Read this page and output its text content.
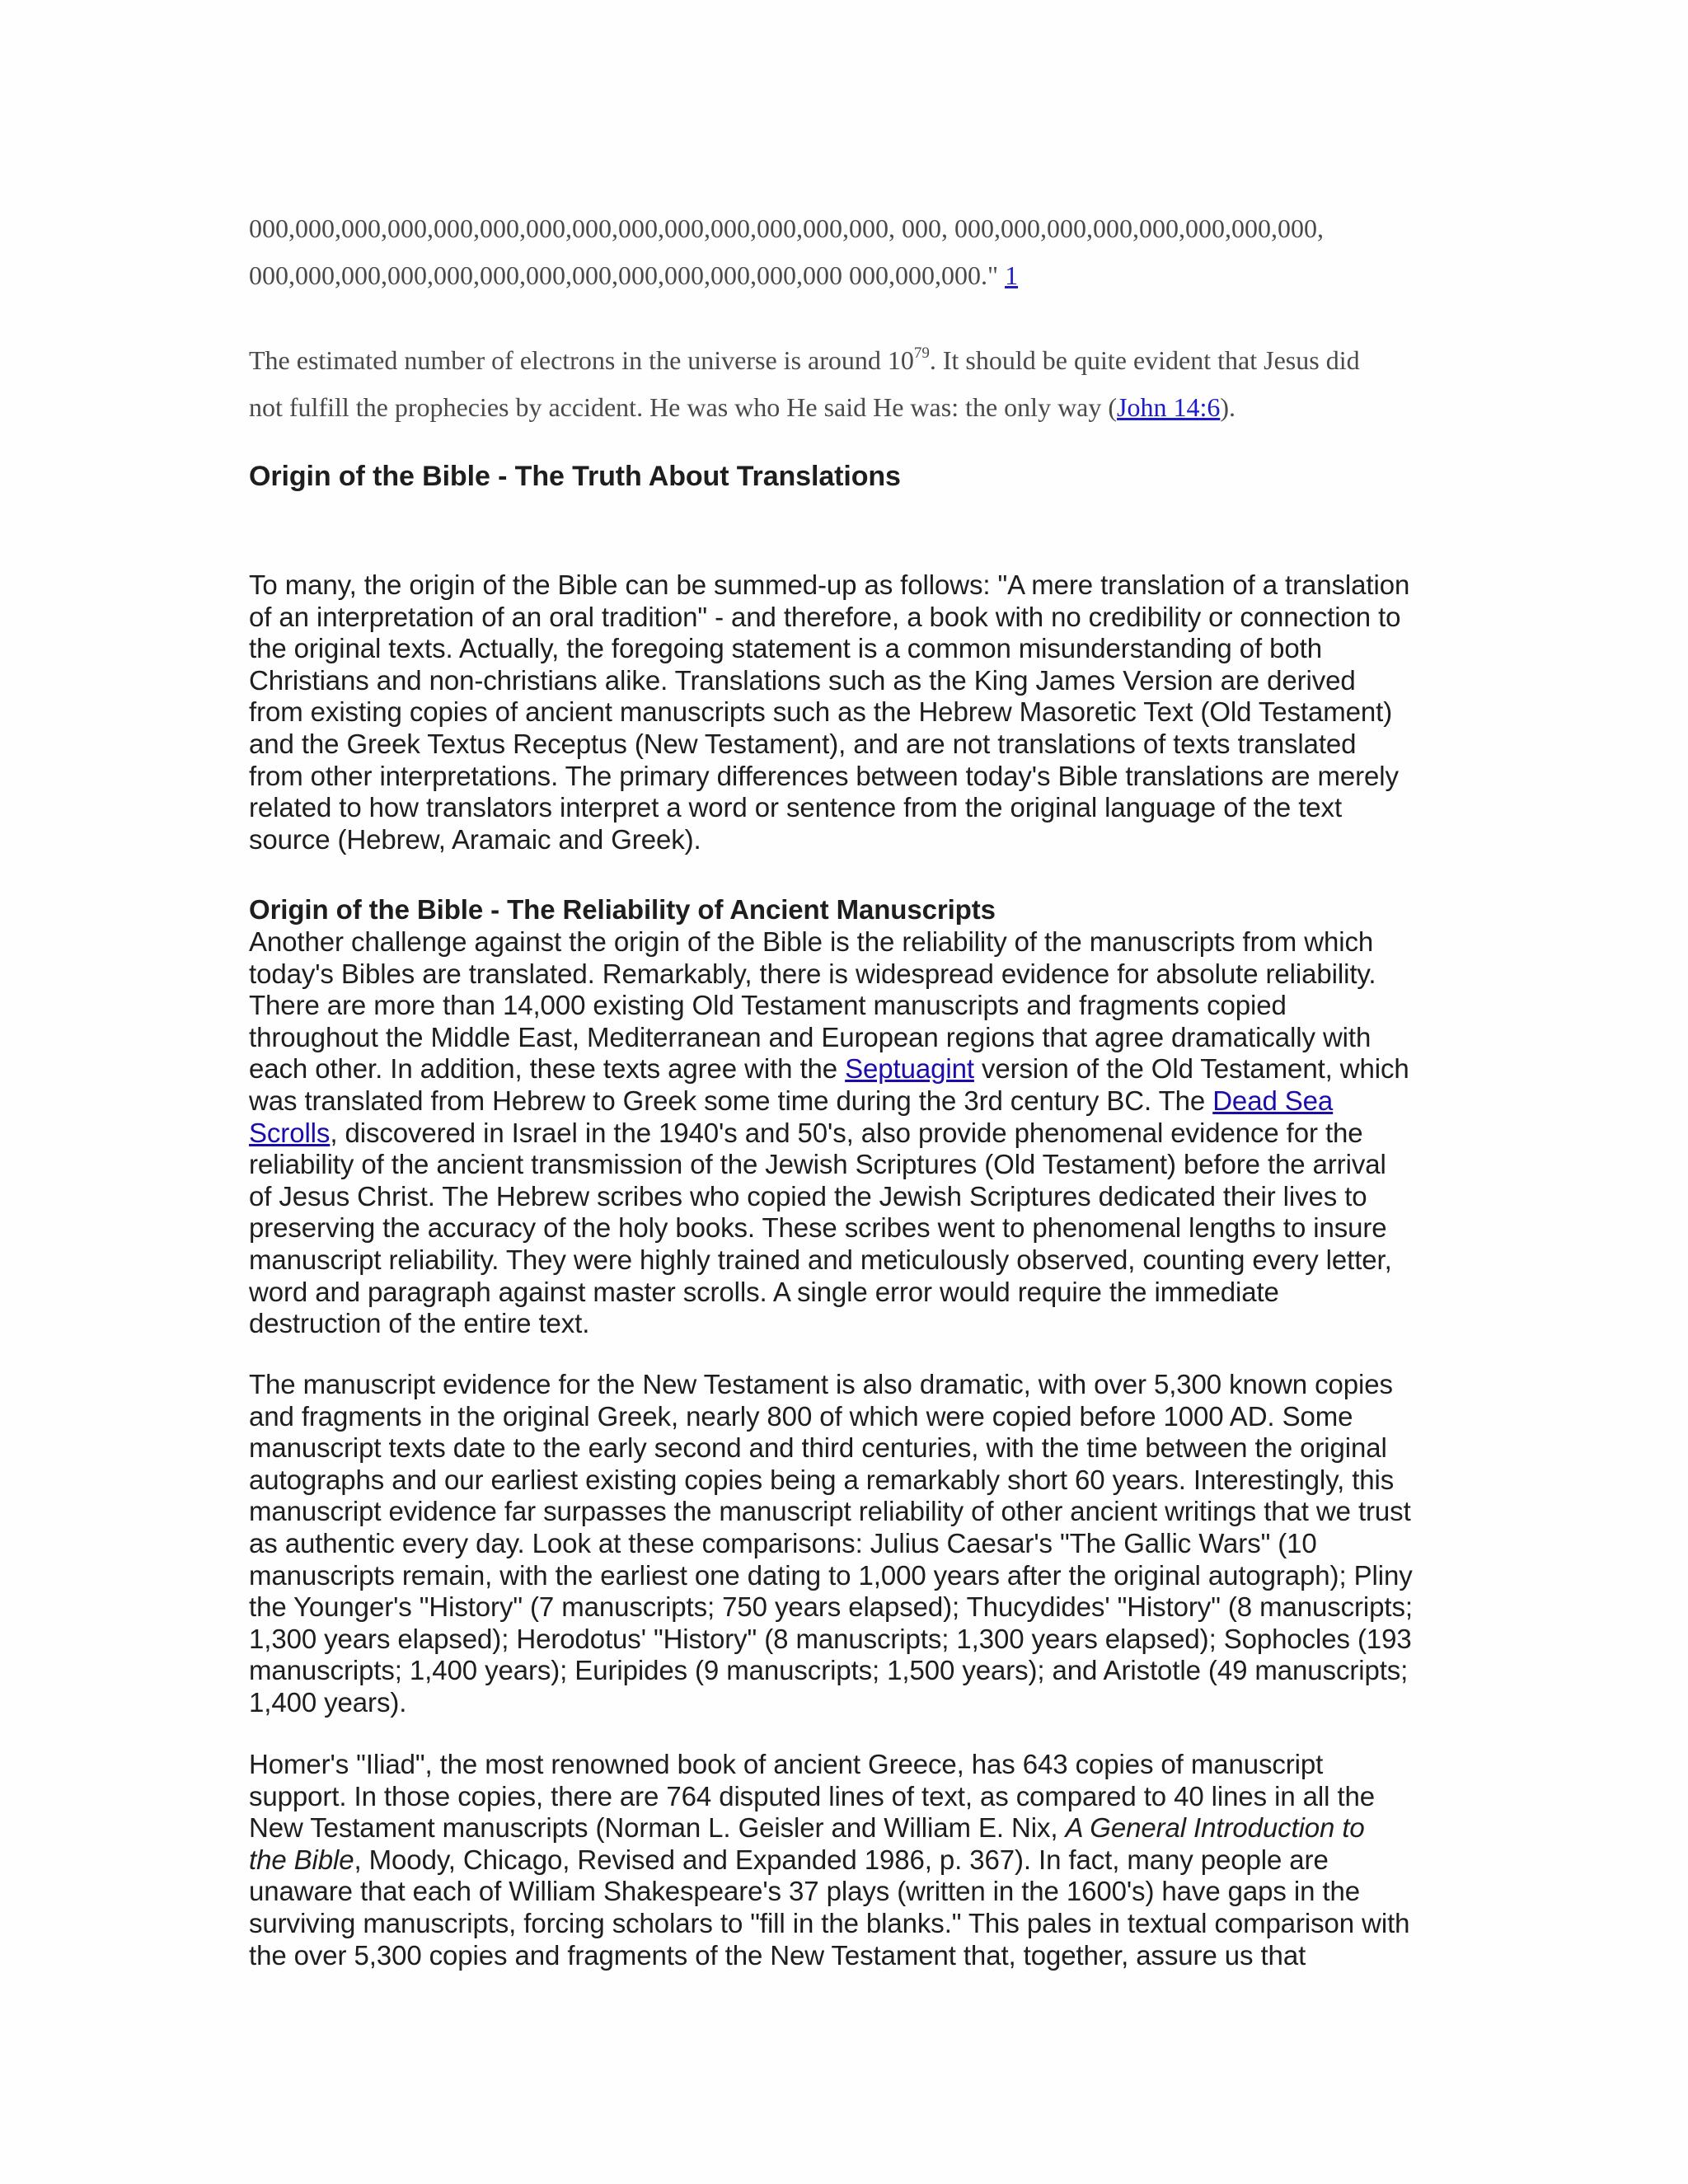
000,000,000,000,000,000,000,000,000,000,000,000,000,000, 000, 000,000,000,000,000,000,000,000,
000,000,000,000,000,000,000,000,000,000,000,000,000 000,000,000." 1
The estimated number of electrons in the universe is around $10^{79}$. It should be quite evident that Jesus did
not fulfill the prophecies by accident. He was who He said He was: the only way (John 14:6).
Origin of the Bible - The Truth About Translations
To many, the origin of the Bible can be summed-up as follows: "A mere translation of a translation
of an interpretation of an oral tradition" - and therefore, a book with no credibility or connection to
the original texts. Actually, the foregoing statement is a common misunderstanding of both
Christians and non-christians alike. Translations such as the King James Version are derived
from existing copies of ancient manuscripts such as the Hebrew Masoretic Text (Old Testament)
and the Greek Textus Receptus (New Testament), and are not translations of texts translated
from other interpretations. The primary differences between today's Bible translations are merely
related to how translators interpret a word or sentence from the original language of the text
source (Hebrew, Aramaic and Greek).
Origin of the Bible - The Reliability of Ancient Manuscripts
Another challenge against the origin of the Bible is the reliability of the manuscripts from which
today's Bibles are translated. Remarkably, there is widespread evidence for absolute reliability.
There are more than 14,000 existing Old Testament manuscripts and fragments copied
throughout the Middle East, Mediterranean and European regions that agree dramatically with
each other. In addition, these texts agree with the Septuagint version of the Old Testament, which
was translated from Hebrew to Greek some time during the 3rd century BC. The Dead Sea
Scrolls, discovered in Israel in the 1940's and 50's, also provide phenomenal evidence for the
reliability of the ancient transmission of the Jewish Scriptures (Old Testament) before the arrival
of Jesus Christ. The Hebrew scribes who copied the Jewish Scriptures dedicated their lives to
preserving the accuracy of the holy books. These scribes went to phenomenal lengths to insure
manuscript reliability. They were highly trained and meticulously observed, counting every letter,
word and paragraph against master scrolls. A single error would require the immediate
destruction of the entire text.
The manuscript evidence for the New Testament is also dramatic, with over 5,300 known copies
and fragments in the original Greek, nearly 800 of which were copied before 1000 AD. Some
manuscript texts date to the early second and third centuries, with the time between the original
autographs and our earliest existing copies being a remarkably short 60 years. Interestingly, this
manuscript evidence far surpasses the manuscript reliability of other ancient writings that we trust
as authentic every day. Look at these comparisons: Julius Caesar's "The Gallic Wars" (10
manuscripts remain, with the earliest one dating to 1,000 years after the original autograph); Pliny
the Younger's "History" (7 manuscripts; 750 years elapsed); Thucydides' "History" (8 manuscripts;
1,300 years elapsed); Herodotus' "History" (8 manuscripts; 1,300 years elapsed); Sophocles (193
manuscripts; 1,400 years); Euripides (9 manuscripts; 1,500 years); and Aristotle (49 manuscripts;
1,400 years).
Homer's "Iliad", the most renowned book of ancient Greece, has 643 copies of manuscript
support. In those copies, there are 764 disputed lines of text, as compared to 40 lines in all the
New Testament manuscripts (Norman L. Geisler and William E. Nix, A General Introduction to
the Bible, Moody, Chicago, Revised and Expanded 1986, p. 367). In fact, many people are
unaware that each of William Shakespeare's 37 plays (written in the 1600's) have gaps in the
surviving manuscripts, forcing scholars to "fill in the blanks." This pales in textual comparison with
the over 5,300 copies and fragments of the New Testament that, together, assure us that
